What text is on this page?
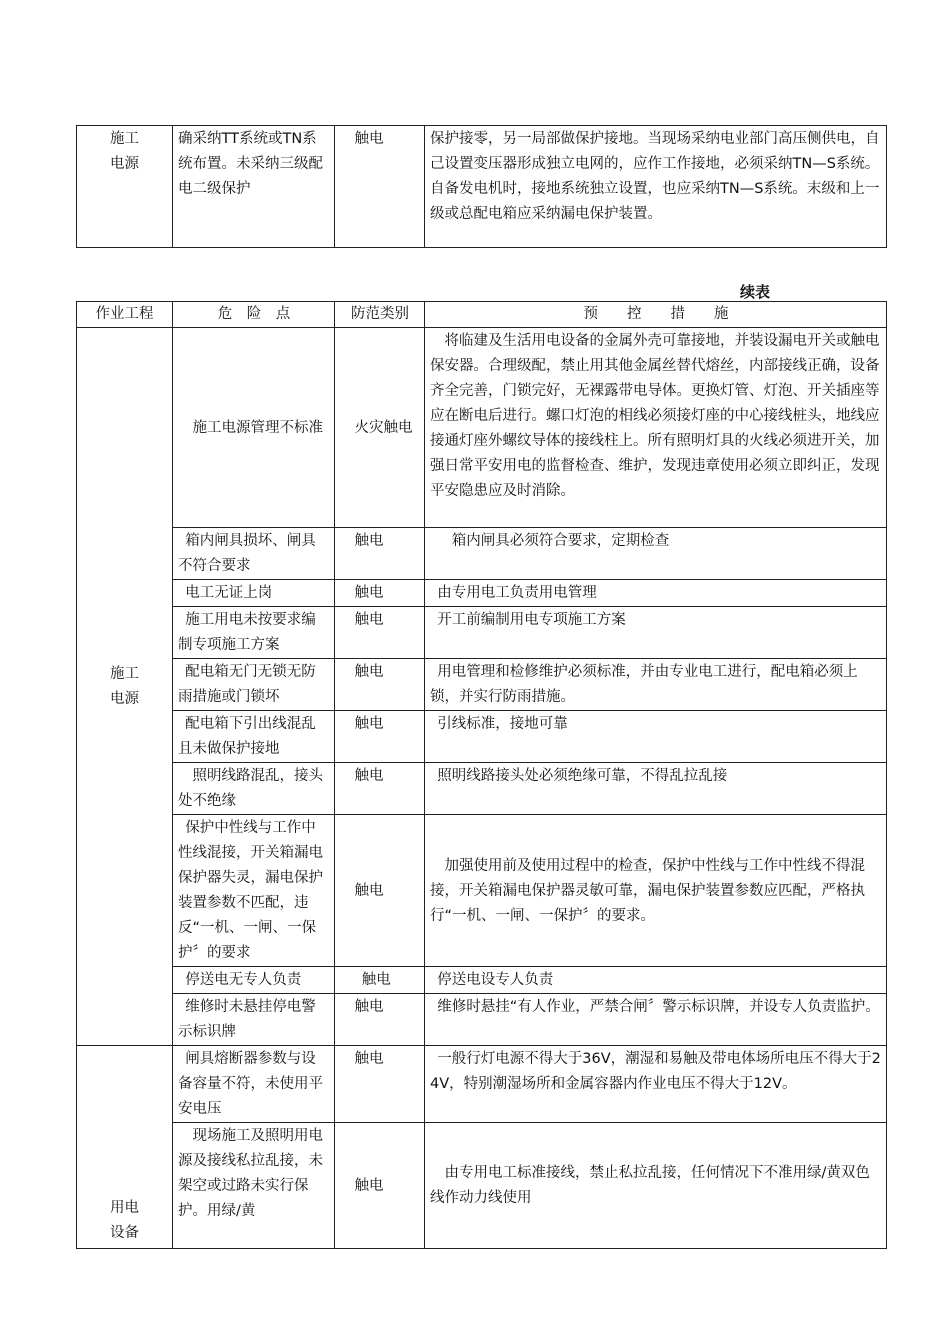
施工
电源	确采纳TT系统或TN系统布置。未采纳三级配电二级保护	触电	保护接零，另一局部做保护接地。当现场采纳电业部门高压侧供电，自己设置变压器形成独立电网的，应作工作接地，必须采纳TN—S系统。自备发电机时，接地系统独立设置，也应采纳TN—S系统。末级和上一级或总配电箱应采纳漏电保护装置。
续表
作业工程	危　险　点	防范类别	预　　控　　措　　施
施工
电源	施工电源管理不标准	火灾触电	将临建及生活用电设备的金属外壳可靠接地，并装设漏电开关或触电保安器。合理级配，禁止用其他金属丝替代熔丝，内部接线正确，设备齐全完善，门锁完好，无裸露带电导体。更换灯管、灯泡、开关插座等应在断电后进行。螺口灯泡的相线必须接灯座的中心接线桩头，地线应接通灯座外螺纹导体的接线柱上。所有照明灯具的火线必须进开关，加强日常平安用电的监督检查、维护，发现违章使用必须立即纠正，发现平安隐患应及时消除。
	箱内闸具损坏、闸具不符合要求	触电	箱内闸具必须符合要求，定期检查
	电工无证上岗	触电	由专用电工负责用电管理
	施工用电未按要求编制专项施工方案	触电	开工前编制用电专项施工方案
	配电箱无门无锁无防雨措施或门锁坏	触电	用电管理和检修维护必须标准，并由专业电工进行，配电箱必须上锁，并实行防雨措施。
	配电箱下引出线混乱且未做保护接地	触电	引线标准，接地可靠
	照明线路混乱，接头处不绝缘	触电	照明线路接头处必须绝缘可靠，不得乱拉乱接
	保护中性线与工作中性线混接，开关箱漏电保护器失灵，漏电保护装置参数不匹配，违反“一机、一闸、一保护〞的要求	触电	加强使用前及使用过程中的检查，保护中性线与工作中性线不得混接，开关箱漏电保护器灵敏可靠，漏电保护装置参数应匹配，严格执行“一机、一闸、一保护〞的要求。
	停送电无专人负责	触电	停送电设专人负责
	维修时未悬挂停电警示标识牌	触电	维修时悬挂“有人作业，严禁合闸〞警示标识牌，并设专人负责监护。
用电
设备	闸具熔断器参数与设备容量不符，未使用平安电压	触电	一般行灯电源不得大于36V，潮湿和易触及带电体场所电压不得大于24V，特别潮湿场所和金属容器内作业电压不得大于12V。
	现场施工及照明用电源及接线私拉乱接，未架空或过路未实行保护。用绿/黄	触电	由专用电工标准接线，禁止私拉乱接，任何情况下不准用绿/黄双色线作动力线使用
